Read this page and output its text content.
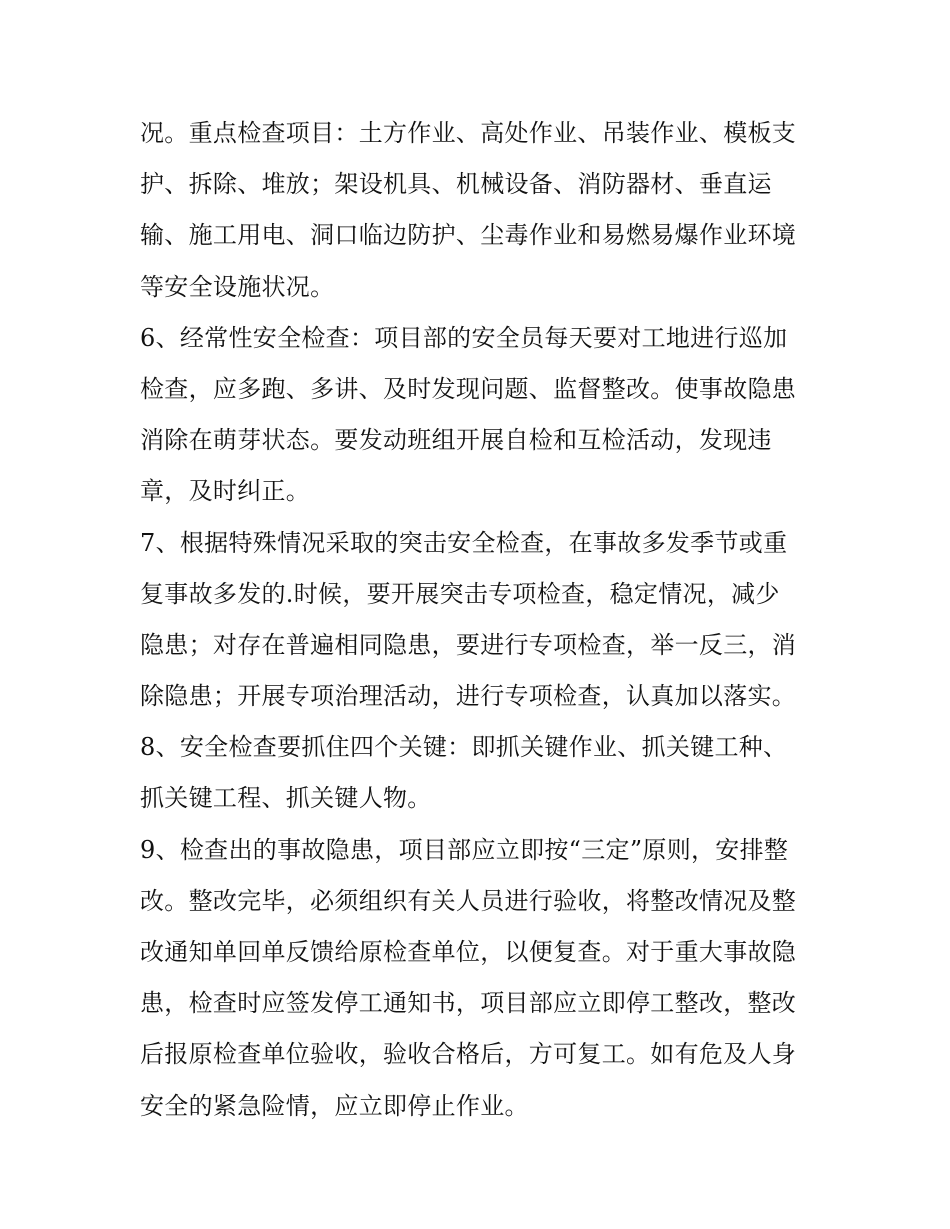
况。重点检查项目：土方作业、高处作业、吊装作业、模板支
护、拆除、堆放；架设机具、机械设备、消防器材、垂直运
输、施工用电、洞口临边防护、尘毒作业和易燃易爆作业环境
等安全设施状况。
6、经常性安全检查：项目部的安全员每天要对工地进行巡加
检查，应多跑、多讲、及时发现问题、监督整改。使事故隐患
消除在萌芽状态。要发动班组开展自检和互检活动，发现违
章，及时纠正。
7、根据特殊情况采取的突击安全检查，在事故多发季节或重
复事故多发的.时候，要开展突击专项检查，稳定情况，减少
隐患；对存在普遍相同隐患，要进行专项检查，举一反三，消
除隐患；开展专项治理活动，进行专项检查，认真加以落实。
8、安全检查要抓住四个关键：即抓关键作业、抓关键工种、
抓关键工程、抓关键人物。
9、检查出的事故隐患，项目部应立即按“三定”原则，安排整
改。整改完毕，必须组织有关人员进行验收，将整改情况及整
改通知单回单反馈给原检查单位，以便复查。对于重大事故隐
患，检查时应签发停工通知书，项目部应立即停工整改，整改
后报原检查单位验收，验收合格后，方可复工。如有危及人身
安全的紧急险情，应立即停止作业。
